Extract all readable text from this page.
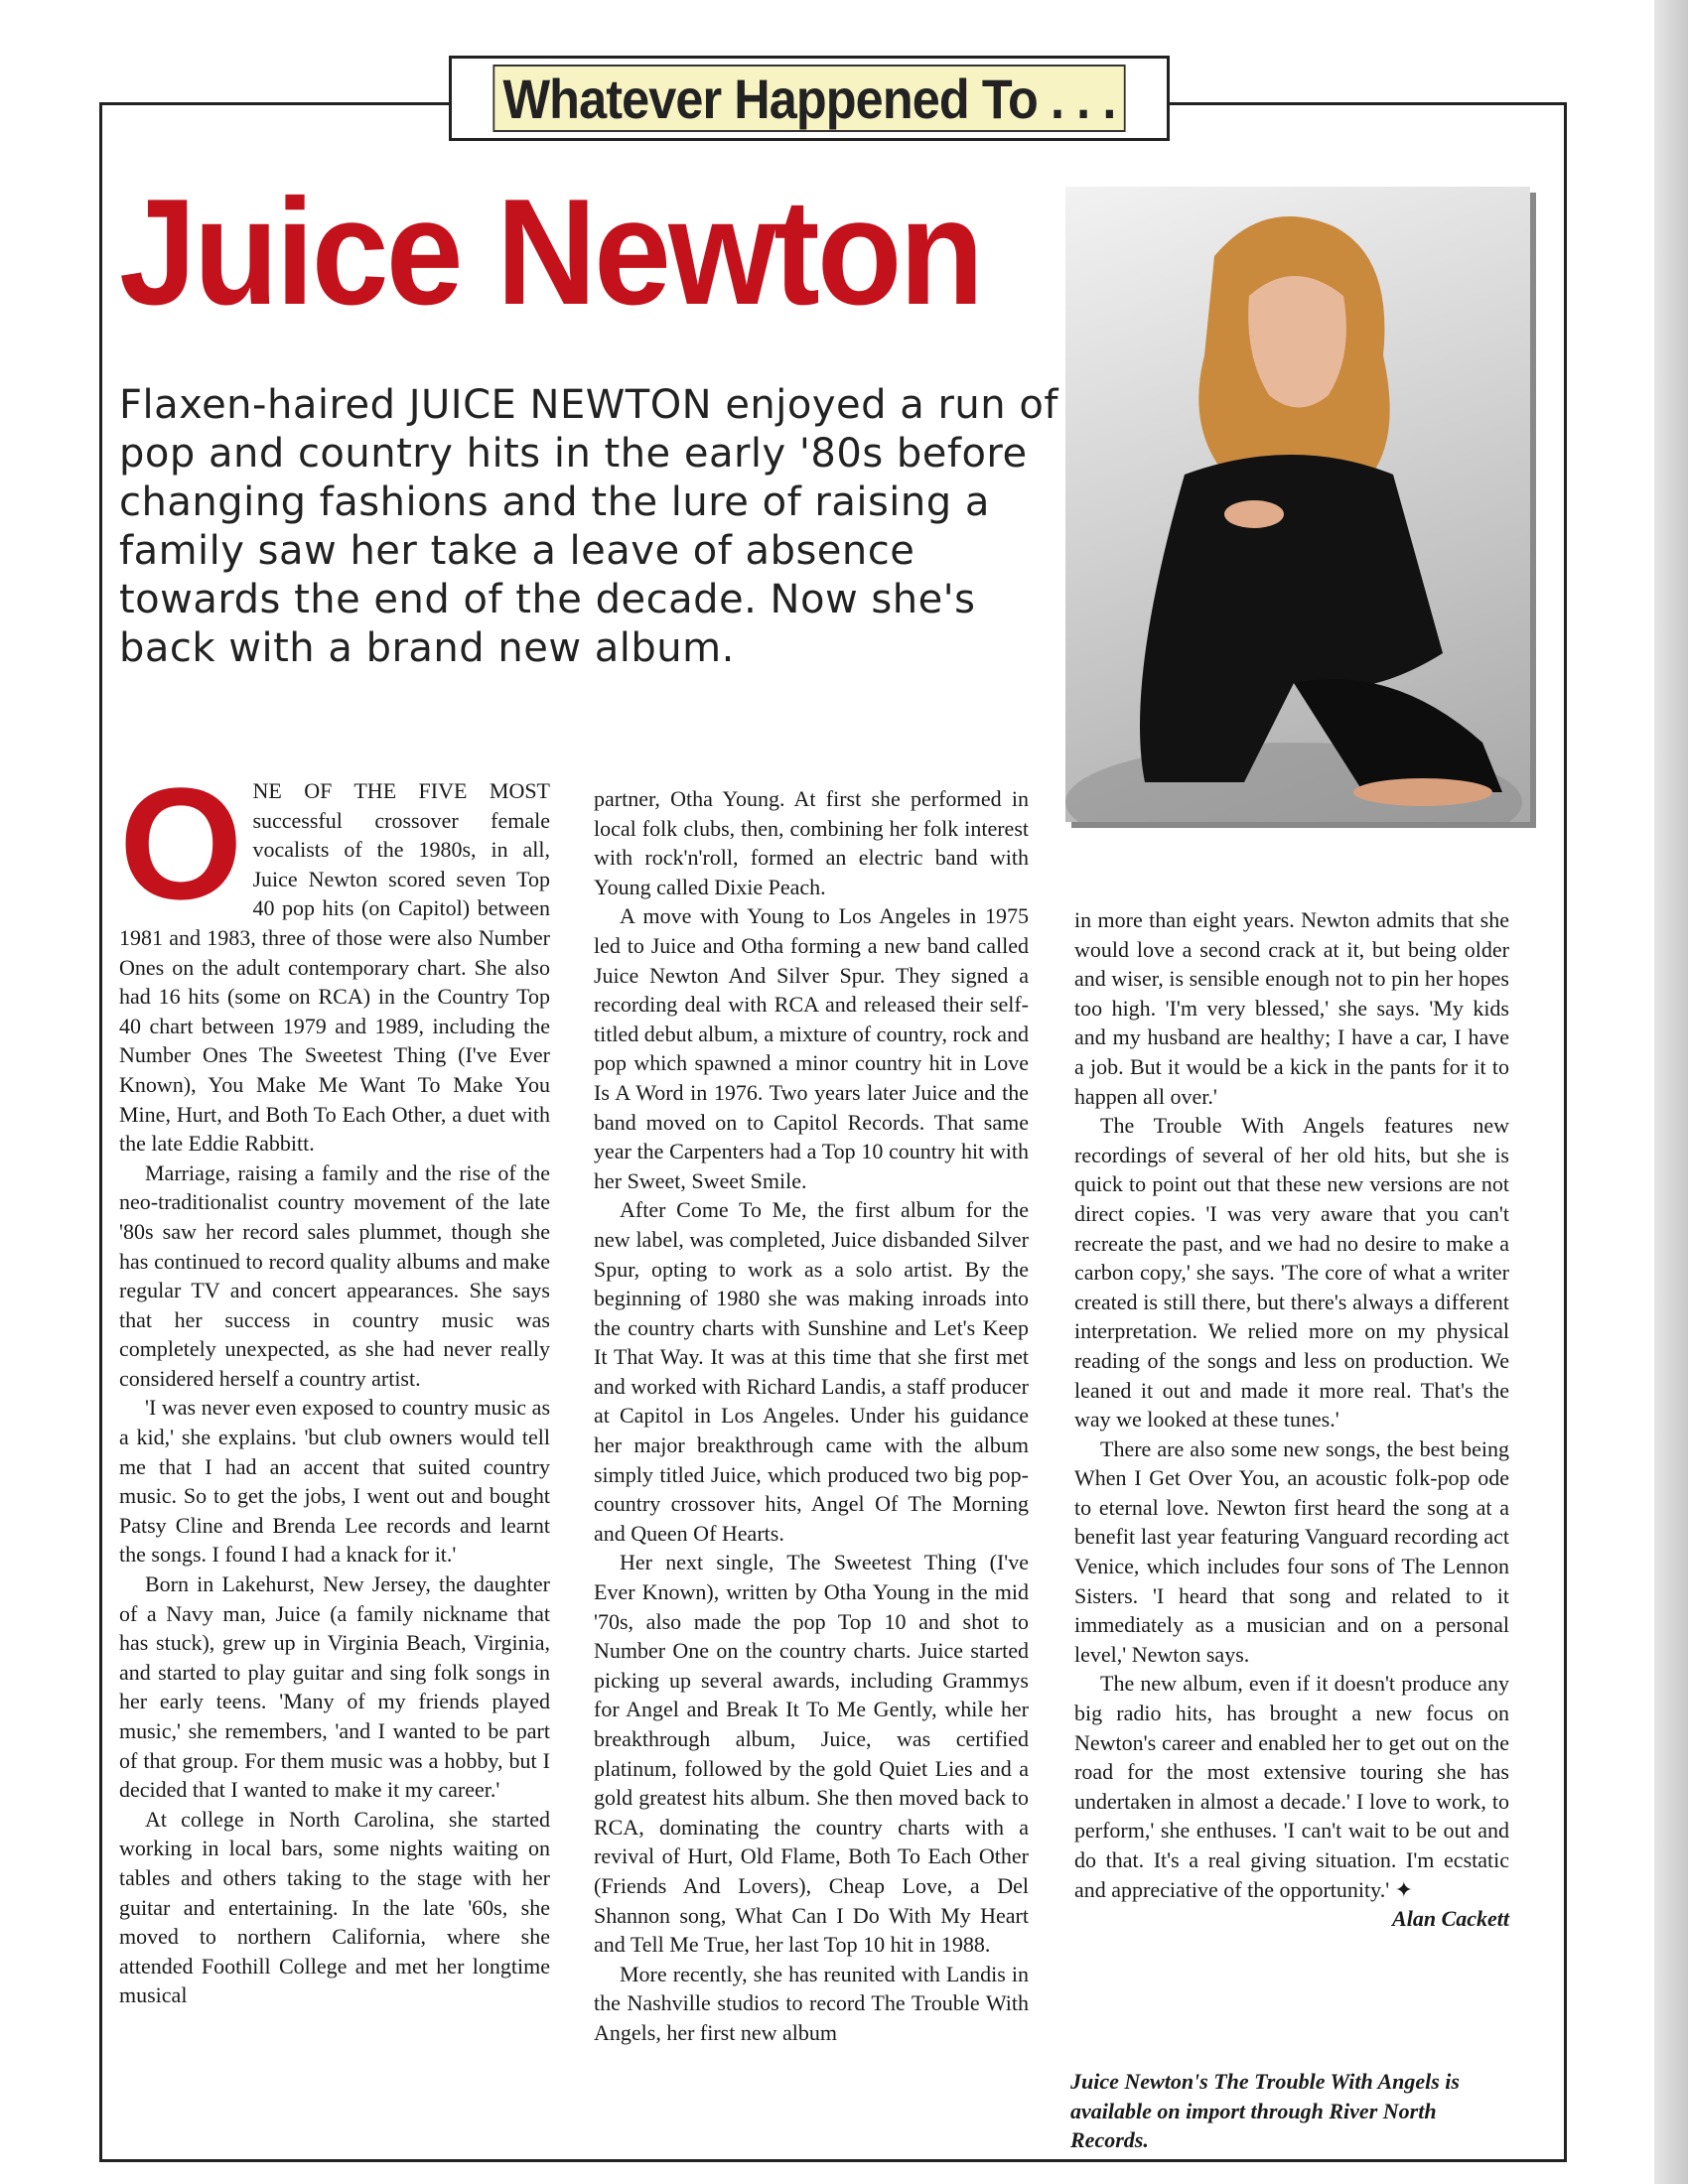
Whatever Happened To . . .
Juice Newton

Flaxen-haired JUICE NEWTON enjoyed a run of pop and country hits in the early '80s before changing fashions and the lure of raising a family saw her take a leave of absence towards the end of the decade. Now she's back with a brand new album.

O NE OF THE FIVE MOST successful crossover female vocalists of the 1980s, in all, Juice Newton scored seven Top 40 pop hits (on Capitol) between 1981 and 1983, three of those were also Number Ones on the adult contemporary chart. She also had 16 hits (some on RCA) in the Country Top 40 chart between 1979 and 1989, including the Number Ones The Sweetest Thing (I've Ever Known), You Make Me Want To Make You Mine, Hurt, and Both To Each Other, a duet with the late Eddie Rabbitt.

Marriage, raising a family and the rise of the neo-traditionalist country movement of the late '80s saw her record sales plummet, though she has continued to record quality albums and make regular TV and concert appearances. She says that her success in country music was completely unexpected, as she had never really considered herself a country artist.

'I was never even exposed to country music as a kid,' she explains. 'but club owners would tell me that I had an accent that suited country music. So to get the jobs, I went out and bought Patsy Cline and Brenda Lee records and learnt the songs. I found I had a knack for it.'

Born in Lakehurst, New Jersey, the daughter of a Navy man, Juice (a family nickname that has stuck), grew up in Virginia Beach, Virginia, and started to play guitar and sing folk songs in her early teens. 'Many of my friends played music,' she remembers, 'and I wanted to be part of that group. For them music was a hobby, but I decided that I wanted to make it my career.'

At college in North Carolina, she started working in local bars, some nights waiting on tables and others taking to the stage with her guitar and entertaining. In the late '60s, she moved to northern California, where she attended Foothill College and met her longtime musical

partner, Otha Young. At first she performed in local folk clubs, then, combining her folk interest with rock'n'roll, formed an electric band with Young called Dixie Peach.

A move with Young to Los Angeles in 1975 led to Juice and Otha forming a new band called Juice Newton And Silver Spur. They signed a recording deal with RCA and released their self-titled debut album, a mixture of country, rock and pop which spawned a minor country hit in Love Is A Word in 1976. Two years later Juice and the band moved on to Capitol Records. That same year the Carpenters had a Top 10 country hit with her Sweet, Sweet Smile.

After Come To Me, the first album for the new label, was completed, Juice disbanded Silver Spur, opting to work as a solo artist. By the beginning of 1980 she was making inroads into the country charts with Sunshine and Let's Keep It That Way. It was at this time that she first met and worked with Richard Landis, a staff producer at Capitol in Los Angeles. Under his guidance her major breakthrough came with the album simply titled Juice, which produced two big pop-country crossover hits, Angel Of The Morning and Queen Of Hearts.

Her next single, The Sweetest Thing (I've Ever Known), written by Otha Young in the mid '70s, also made the pop Top 10 and shot to Number One on the country charts. Juice started picking up several awards, including Grammys for Angel and Break It To Me Gently, while her breakthrough album, Juice, was certified platinum, followed by the gold Quiet Lies and a gold greatest hits album. She then moved back to RCA, dominating the country charts with a revival of Hurt, Old Flame, Both To Each Other (Friends And Lovers), Cheap Love, a Del Shannon song, What Can I Do With My Heart and Tell Me True, her last Top 10 hit in 1988.

More recently, she has reunited with Landis in the Nashville studios to record The Trouble With Angels, her first new album

in more than eight years. Newton admits that she would love a second crack at it, but being older and wiser, is sensible enough not to pin her hopes too high. 'I'm very blessed,' she says. 'My kids and my husband are healthy; I have a car, I have a job. But it would be a kick in the pants for it to happen all over.'

The Trouble With Angels features new recordings of several of her old hits, but she is quick to point out that these new versions are not direct copies. 'I was very aware that you can't recreate the past, and we had no desire to make a carbon copy,' she says. 'The core of what a writer created is still there, but there's always a different interpretation. We relied more on my physical reading of the songs and less on production. We leaned it out and made it more real. That's the way we looked at these tunes.'

There are also some new songs, the best being When I Get Over You, an acoustic folk-pop ode to eternal love. Newton first heard the song at a benefit last year featuring Vanguard recording act Venice, which includes four sons of The Lennon Sisters. 'I heard that song and related to it immediately as a musician and on a personal level,' Newton says.

The new album, even if it doesn't produce any big radio hits, has brought a new focus on Newton's career and enabled her to get out on the road for the most extensive touring she has undertaken in almost a decade.' I love to work, to perform,' she enthuses. 'I can't wait to be out and do that. It's a real giving situation. I'm ecstatic and appreciative of the opportunity.' ✦

Alan Cackett

Juice Newton's The Trouble With Angels is available on import through River North Records.
